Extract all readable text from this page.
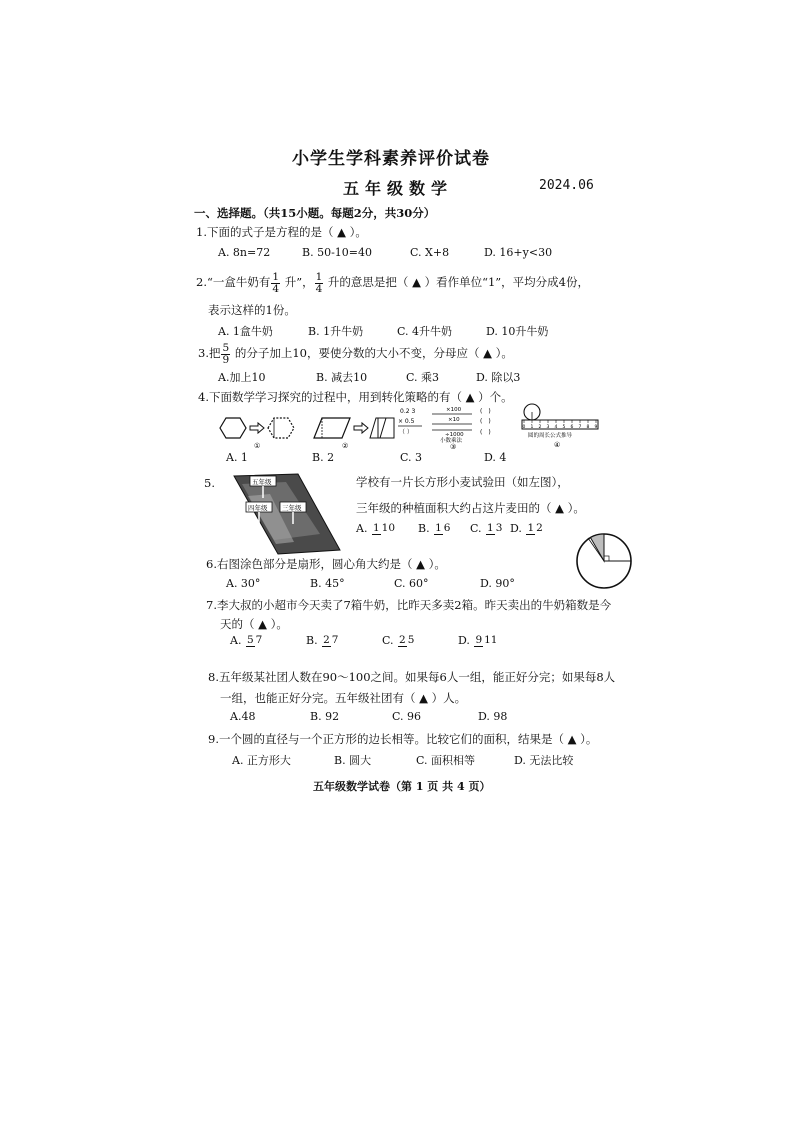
小学生学科素养评价试卷
五年级数学	2024.06
一、选择题。（共15小题。每题2分，共30分）
1.下面的式子是方程的是（ ▲ ）。
A. 8n=72	B. 50-10=40	C. X+8	D. 16+y<30
2.“一盒牛奶有 $\frac{1}{4}$ 升”， $\frac{1}{4}$ 升的意思是把（ ▲ ）看作单位“1”，平均分成4份，
表示这样的1份。
A. 1盒牛奶	B. 1升牛奶	C. 4升牛奶	D. 10升牛奶
3.把 $\frac{5}{9}$ 的分子加上10，要使分数的大小不变，分母应（ ▲ ）。
A.加上10	B. 减去10	C. 乘3	D. 除以3
4.下面数学学习探究的过程中，用到转化策略的有（ ▲ ）个。
①	②
0.2 3
× 0.5
（ ）
×100
×10
÷1000
(　)
(　)
(　)
小数乘法
③
0 1 2 3 4 5 6 7 8 9
圆的周长公式推导
④
A. 1	B. 2	C. 3	D. 4
5.	五年级
四年级 三年级
学校有一片长方形小麦试验田（如左图），
三年级的种植面积大约占这片麦田的（ ▲ ）。
A. 1 10	B. 1 6	C. 1 3 D. 1 2
6.右图涂色部分是扇形，圆心角大约是（ ▲ ）。
A. 30°	B. 45°	C. 60°	D. 90°
7.李大叔的小超市今天卖了7箱牛奶，比昨天多卖2箱。昨天卖出的牛奶箱数是今
天的（ ▲ ）。
A. 5 7	B. 2 7	C. 2 5	D. 9 11
8.五年级某社团人数在90～100之间。如果每6人一组，能正好分完；如果每8人
一组，也能正好分完。五年级社团有（ ▲ ）人。
A.48	B. 92	C. 96	D. 98
9.一个圆的直径与一个正方形的边长相等。比较它们的面积，结果是（ ▲ ）。
A. 正方形大	B. 圆大	C. 面积相等	D. 无法比较
五年级数学试卷（第 1 页 共 4 页）
